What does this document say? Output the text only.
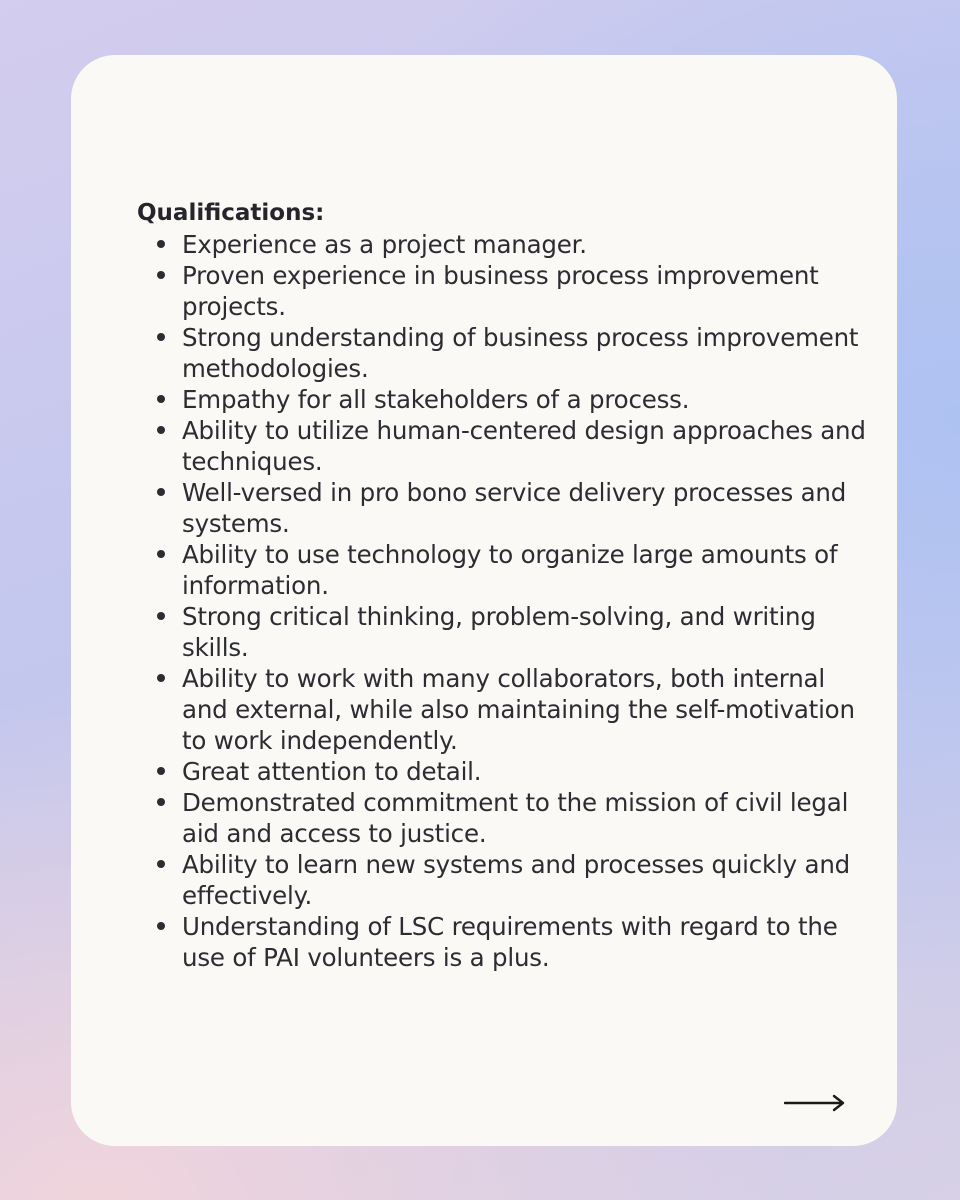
Qualifications:
Experience as a project manager.
Proven experience in business process improvement projects.
Strong understanding of business process improvement methodologies.
Empathy for all stakeholders of a process.
Ability to utilize human-centered design approaches and techniques.
Well-versed in pro bono service delivery processes and systems.
Ability to use technology to organize large amounts of information.
Strong critical thinking, problem-solving, and writing skills.
Ability to work with many collaborators, both internal and external, while also maintaining the self-motivation to work independently.
Great attention to detail.
Demonstrated commitment to the mission of civil legal aid and access to justice.
Ability to learn new systems and processes quickly and effectively.
Understanding of LSC requirements with regard to the use of PAI volunteers is a plus.
